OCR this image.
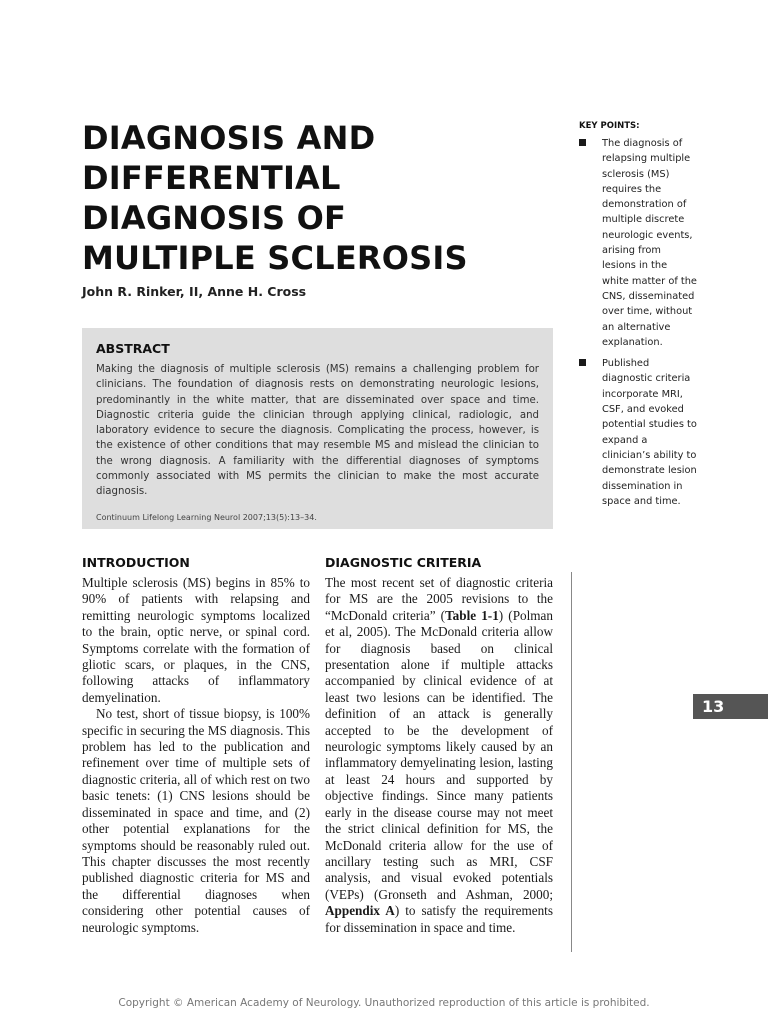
DIAGNOSIS AND
DIFFERENTIAL
DIAGNOSIS OF
MULTIPLE SCLEROSIS
John R. Rinker, II, Anne H. Cross
ABSTRACT

Making the diagnosis of multiple sclerosis (MS) remains a challenging problem for clinicians. The foundation of diagnosis rests on demonstrating neurologic lesions, predominantly in the white matter, that are disseminated over space and time. Diagnostic criteria guide the clinician through applying clinical, radiologic, and laboratory evidence to secure the diagnosis. Complicating the process, however, is the existence of other conditions that may resemble MS and mislead the clinician to the wrong diagnosis. A familiarity with the differential diagnoses of symptoms commonly associated with MS permits the clinician to make the most accurate diagnosis.

Continuum Lifelong Learning Neurol 2007;13(5):13–34.
INTRODUCTION

Multiple sclerosis (MS) begins in 85% to 90% of patients with relapsing and remitting neurologic symptoms localized to the brain, optic nerve, or spinal cord. Symptoms correlate with the formation of gliotic scars, or plaques, in the CNS, following attacks of inflammatory demyelination.

No test, short of tissue biopsy, is 100% specific in securing the MS diagnosis. This problem has led to the publication and refinement over time of multiple sets of diagnostic criteria, all of which rest on two basic tenets: (1) CNS lesions should be disseminated in space and time, and (2) other potential explanations for the symptoms should be reasonably ruled out. This chapter discusses the most recently published diagnostic criteria for MS and the differential diagnoses when considering other potential causes of neurologic symptoms.

DIAGNOSTIC CRITERIA

The most recent set of diagnostic criteria for MS are the 2005 revisions to the “McDonald criteria” (Table 1-1) (Polman et al, 2005). The McDonald criteria allow for diagnosis based on clinical presentation alone if multiple attacks accompanied by clinical evidence of at least two lesions can be identified. The definition of an attack is generally accepted to be the development of neurologic symptoms likely caused by an inflammatory demyelinating lesion, lasting at least 24 hours and supported by objective findings. Since many patients early in the disease course may not meet the strict clinical definition for MS, the McDonald criteria allow for the use of ancillary testing such as MRI, CSF analysis, and visual evoked potentials (VEPs) (Gronseth and Ashman, 2000; Appendix A) to satisfy the requirements for dissemination in space and time.

KEY POINTS:
The diagnosis of relapsing multiple sclerosis (MS) requires the demonstration of multiple discrete neurologic events, arising from lesions in the white matter of the CNS, disseminated over time, without an alternative explanation.
Published diagnostic criteria incorporate MRI, CSF, and evoked potential studies to expand a clinician’s ability to demonstrate lesion dissemination in space and time.
13
Copyright © American Academy of Neurology. Unauthorized reproduction of this article is prohibited.
